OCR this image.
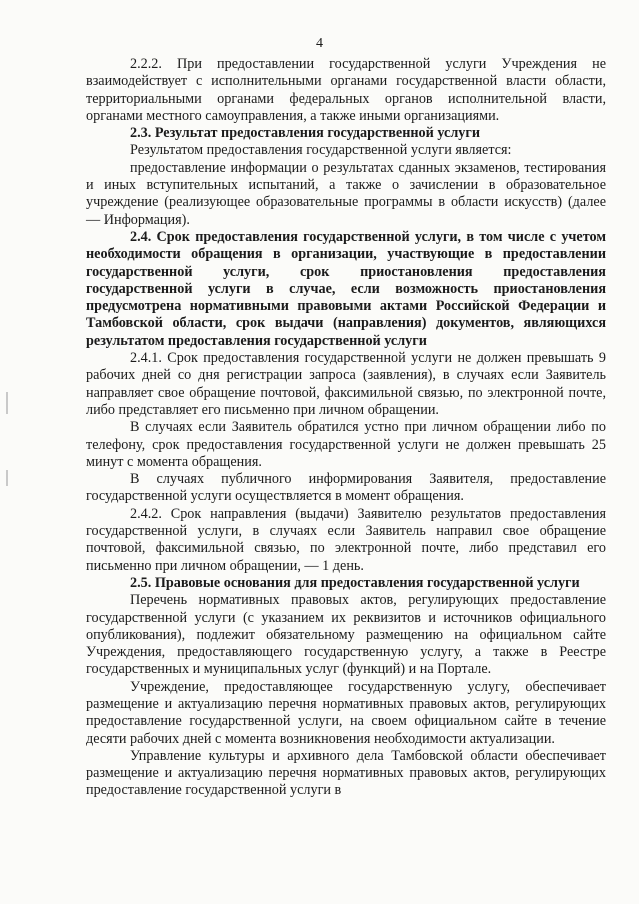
4

2.2.2. При предоставлении государственной услуги Учреждения не взаимодействует с исполнительными органами государственной власти области, территориальными органами федеральных органов исполнительной власти, органами местного самоуправления, а также иными организациями.

2.3. Результат предоставления государственной услуги

Результатом предоставления государственной услуги является:

предоставление информации о результатах сданных экзаменов, тестирования и иных вступительных испытаний, а также о зачислении в образовательное учреждение (реализующее образовательные программы в области искусств) (далее — Информация).

2.4. Срок предоставления государственной услуги, в том числе с учетом необходимости обращения в организации, участвующие в предоставлении государственной услуги, срок приостановления предоставления государственной услуги в случае, если возможность приостановления предусмотрена нормативными правовыми актами Российской Федерации и Тамбовской области, срок выдачи (направления) документов, являющихся результатом предоставления государственной услуги

2.4.1. Срок предоставления государственной услуги не должен превышать 9 рабочих дней со дня регистрации запроса (заявления), в случаях если Заявитель направляет свое обращение почтовой, факсимильной связью, по электронной почте, либо представляет его письменно при личном обращении.

В случаях если Заявитель обратился устно при личном обращении либо по телефону, срок предоставления государственной услуги не должен превышать 25 минут с момента обращения.

В случаях публичного информирования Заявителя, предоставление государственной услуги осуществляется в момент обращения.

2.4.2. Срок направления (выдачи) Заявителю результатов предоставления государственной услуги, в случаях если Заявитель направил свое обращение почтовой, факсимильной связью, по электронной почте, либо представил его письменно при личном обращении, — 1 день.

2.5. Правовые основания для предоставления государственной услуги

Перечень нормативных правовых актов, регулирующих предоставление государственной услуги (с указанием их реквизитов и источников официального опубликования), подлежит обязательному размещению на официальном сайте Учреждения, предоставляющего государственную услугу, а также в Реестре государственных и муниципальных услуг (функций) и на Портале.

Учреждение, предоставляющее государственную услугу, обеспечивает размещение и актуализацию перечня нормативных правовых актов, регулирующих предоставление государственной услуги, на своем официальном сайте в течение десяти рабочих дней с момента возникновения необходимости актуализации.

Управление культуры и архивного дела Тамбовской области обеспечивает размещение и актуализацию перечня нормативных правовых актов, регулирующих предоставление государственной услуги в
